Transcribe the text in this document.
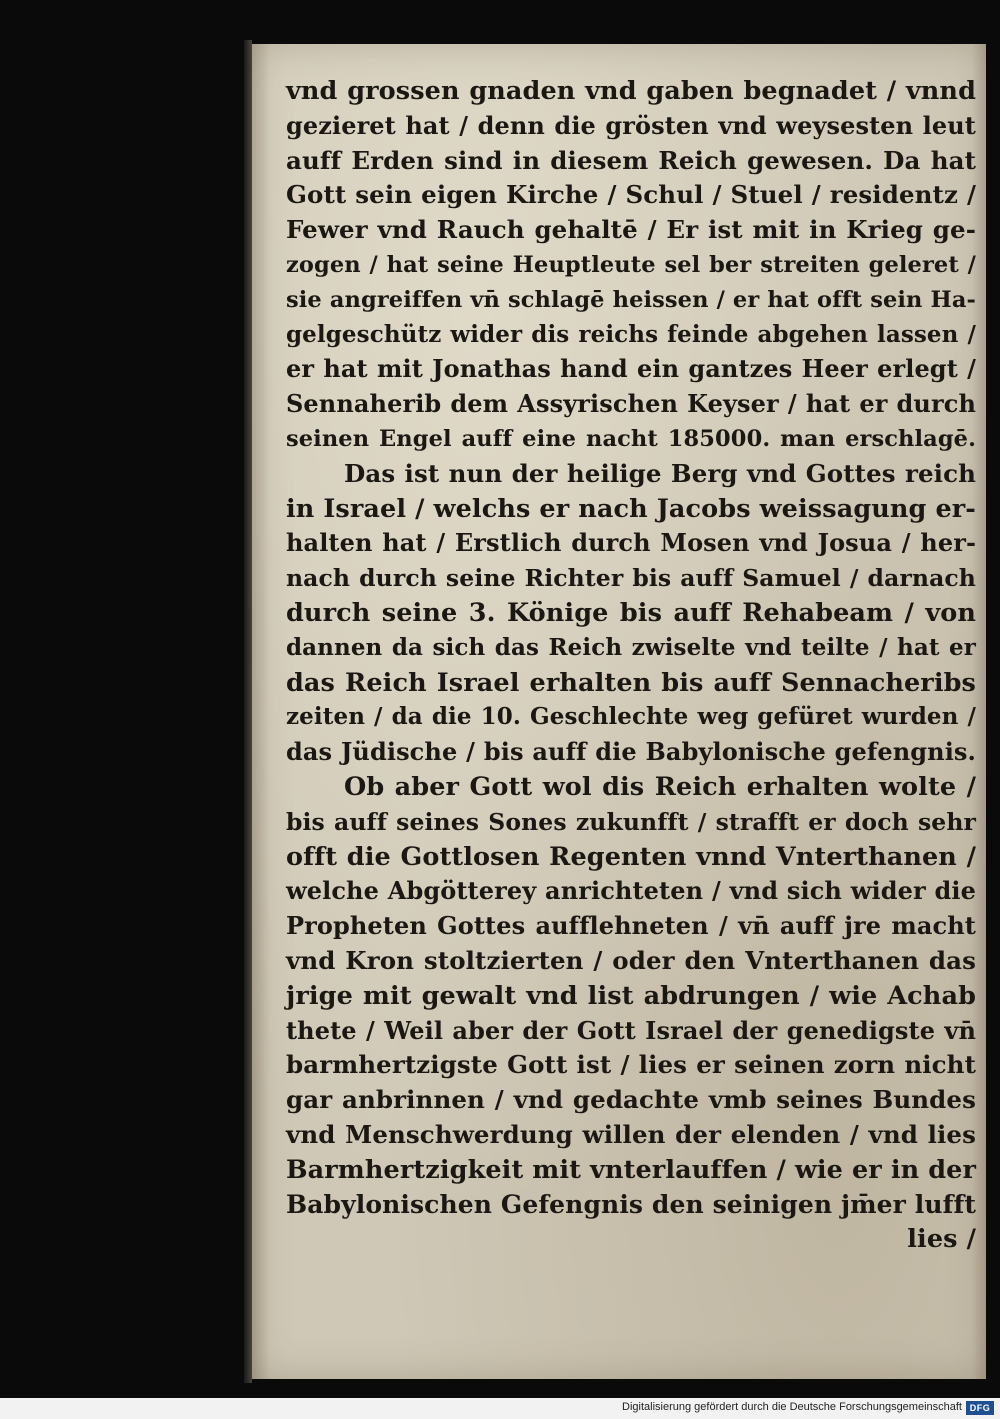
vnd grossen gnaden vnd gaben begnadet / vnnd
gezieret hat / denn die grösten vnd weysesten leut
auff Erden sind in diesem Reich gewesen. Da hat
Gott sein eigen Kirche / Schul / Stuel / residentz /
Fewer vnd Rauch gehaltē / Er ist mit in Krieg ge-
zogen / hat seine Heuptleute sel ber streiten geleret /
sie angreiffen vn̄ schlagē heissen / er hat offt sein Ha-
gelgeschütz wider dis reichs feinde abgehen lassen /
er hat mit Jonathas hand ein gantzes Heer erlegt /
Sennaherib dem Assyrischen Keyser / hat er durch
seinen Engel auff eine nacht 185000. man erschlagē.
Das ist nun der heilige Berg vnd Gottes reich
in Israel / welchs er nach Jacobs weissagung er-
halten hat / Erstlich durch Mosen vnd Josua / her-
nach durch seine Richter bis auff Samuel / darnach
durch seine 3. Könige bis auff Rehabeam / von
dannen da sich das Reich zwiselte vnd teilte / hat er
das Reich Israel erhalten bis auff Sennacheribs
zeiten / da die 10. Geschlechte weg gefüret wurden /
das Jüdische / bis auff die Babylonische gefengnis.
Ob aber Gott wol dis Reich erhalten wolte /
bis auff seines Sones zukunfft / strafft er doch sehr
offt die Gottlosen Regenten vnnd Vnterthanen /
welche Abgötterey anrichteten / vnd sich wider die
Propheten Gottes aufflehneten / vn̄ auff jre macht
vnd Kron stoltzierten / oder den Vnterthanen das
jrige mit gewalt vnd list abdrungen / wie Achab
thete / Weil aber der Gott Israel der genedigste vn̄
barmhertzigste Gott ist / lies er seinen zorn nicht
gar anbrinnen / vnd gedachte vmb seines Bundes
vnd Menschwerdung willen der elenden / vnd lies
Barmhertzigkeit mit vnterlauffen / wie er in der
Babylonischen Gefengnis den seinigen jm̄er lufft
lies /
Digitalisierung gefördert durch die Deutsche Forschungsgemeinschaft DFG
